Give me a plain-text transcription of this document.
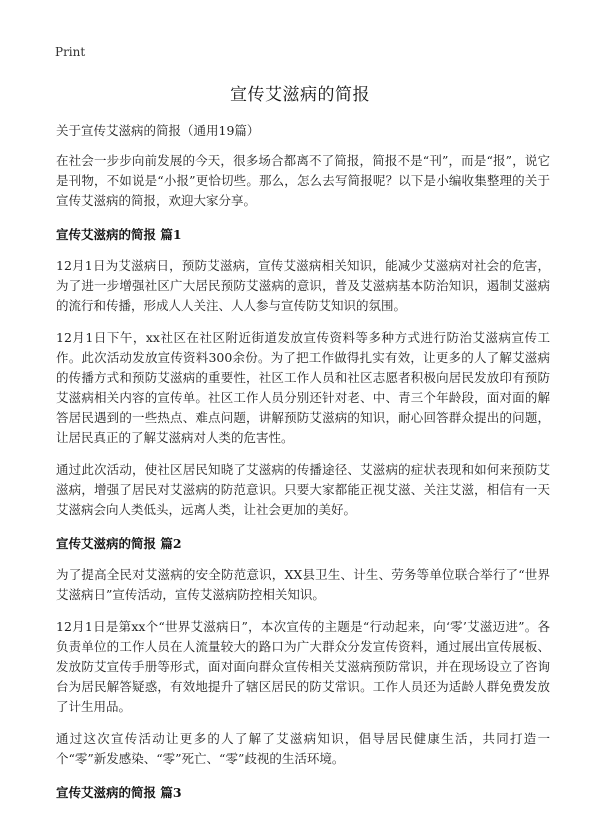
Print
宣传艾滋病的简报

关于宣传艾滋病的简报（通用19篇）

在社会一步步向前发展的今天，很多场合都离不了简报，简报不是“刊”，而是“报”，说它是刊物，不如说是“小报”更恰切些。那么，怎么去写简报呢？以下是小编收集整理的关于宣传艾滋病的简报，欢迎大家分享。

宣传艾滋病的简报 篇1

12月1日为艾滋病日，预防艾滋病，宣传艾滋病相关知识，能减少艾滋病对社会的危害，为了进一步增强社区广大居民预防艾滋病的意识，普及艾滋病基本防治知识，遏制艾滋病的流行和传播，形成人人关注、人人参与宣传防艾知识的氛围。

12月1日下午，xx社区在社区附近街道发放宣传资料等多种方式进行防治艾滋病宣传工作。此次活动发放宣传资料300余份。为了把工作做得扎实有效，让更多的人了解艾滋病的传播方式和预防艾滋病的重要性，社区工作人员和社区志愿者积极向居民发放印有预防艾滋病相关内容的宣传单。社区工作人员分别还针对老、中、青三个年龄段，面对面的解答居民遇到的一些热点、难点问题，讲解预防艾滋病的知识，耐心回答群众提出的问题，让居民真正的了解艾滋病对人类的危害性。

通过此次活动，使社区居民知晓了艾滋病的传播途径、艾滋病的症状表现和如何来预防艾滋病，增强了居民对艾滋病的防范意识。只要大家都能正视艾滋、关注艾滋，相信有一天艾滋病会向人类低头，远离人类，让社会更加的美好。

宣传艾滋病的简报 篇2

为了提高全民对艾滋病的安全防范意识，XX县卫生、计生、劳务等单位联合举行了“世界艾滋病日”宣传活动，宣传艾滋病防控相关知识。

12月1日是第xx个“世界艾滋病日”，本次宣传的主题是“行动起来，向‘零’艾滋迈进”。各负责单位的工作人员在人流量较大的路口为广大群众分发宣传资料，通过展出宣传展板、发放防艾宣传手册等形式，面对面向群众宣传相关艾滋病预防常识，并在现场设立了咨询台为居民解答疑惑，有效地提升了辖区居民的防艾常识。工作人员还为适龄人群免费发放了计生用品。

通过这次宣传活动让更多的人了解了艾滋病知识，倡导居民健康生活，共同打造一个“零”新发感染、“零”死亡、“零”歧视的生活环境。

宣传艾滋病的简报 篇3
